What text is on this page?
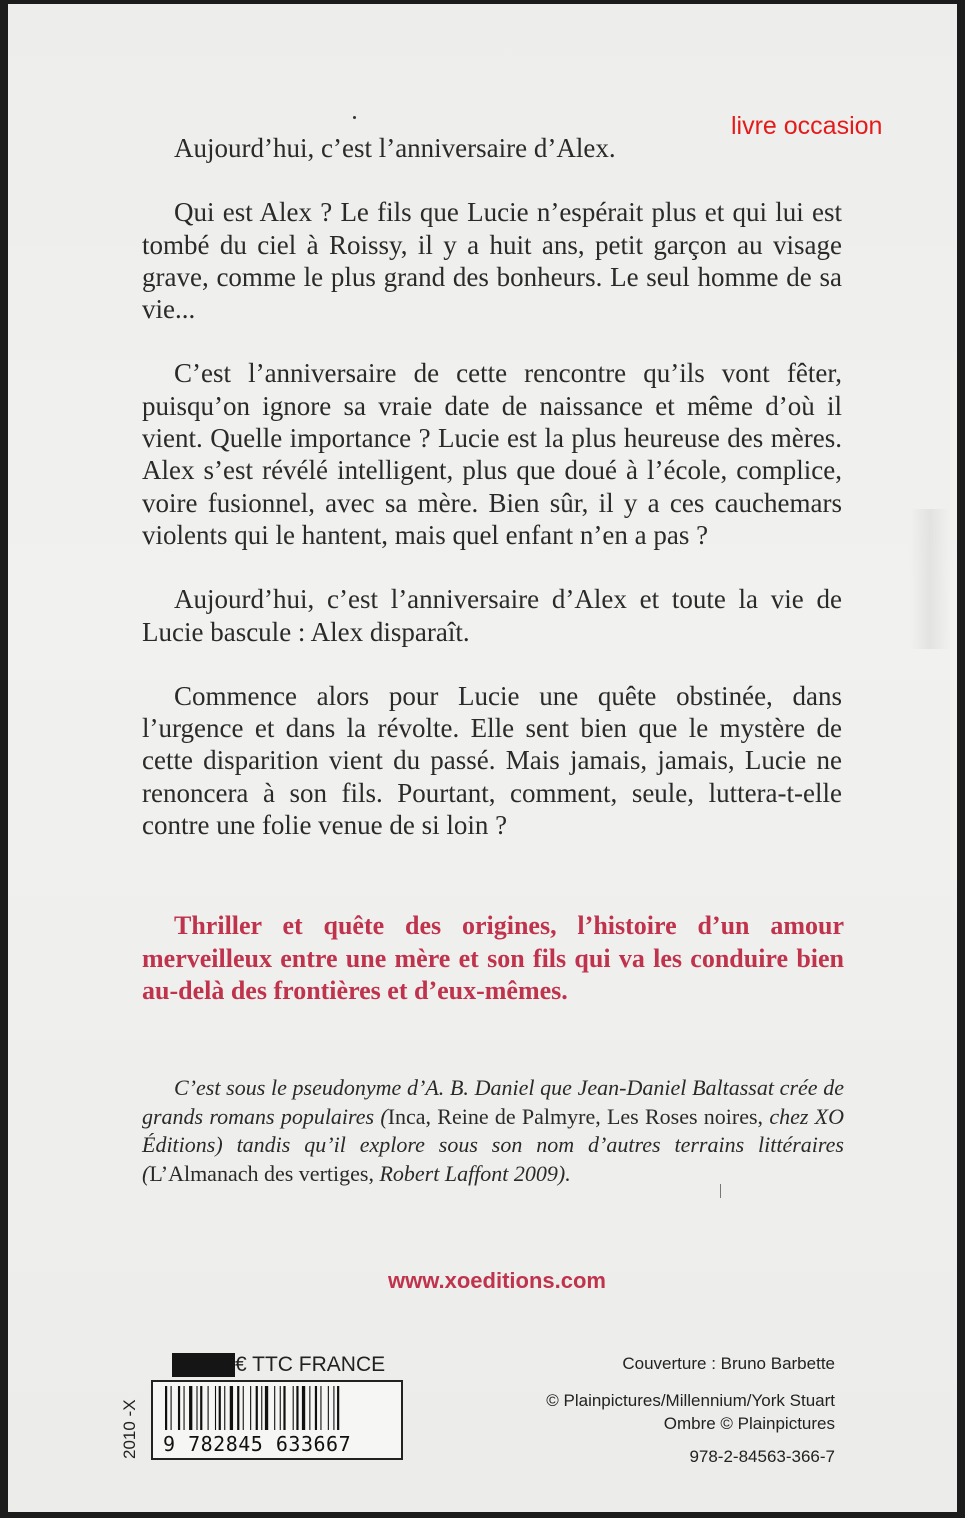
livre occasion

Aujourd’hui, c’est l’anniversaire d’Alex.

Qui est Alex ? Le fils que Lucie n’espérait plus et qui lui est tombé du ciel à Roissy, il y a huit ans, petit garçon au visage grave, comme le plus grand des bonheurs. Le seul homme de sa vie...

C’est l’anniversaire de cette rencontre qu’ils vont fêter, puisqu’on ignore sa vraie date de naissance et même d’où il vient. Quelle importance ? Lucie est la plus heureuse des mères. Alex s’est révélé intelligent, plus que doué à l’école, complice, voire fusionnel, avec sa mère. Bien sûr, il y a ces cauchemars violents qui le hantent, mais quel enfant n’en a pas ?

Aujourd’hui, c’est l’anniversaire d’Alex et toute la vie de Lucie bascule : Alex disparaît.

Commence alors pour Lucie une quête obstinée, dans l’urgence et dans la révolte. Elle sent bien que le mystère de cette disparition vient du passé. Mais jamais, jamais, Lucie ne renoncera à son fils. Pourtant, comment, seule, luttera-t-elle contre une folie venue de si loin ?

Thriller et quête des origines, l’histoire d’un amour merveilleux entre une mère et son fils qui va les conduire bien au-delà des frontières et d’eux-mêmes.
C’est sous le pseudonyme d’A. B. Daniel que Jean-Daniel Baltassat crée de grands romans populaires (Inca, Reine de Palmyre, Les Roses noires, chez XO Éditions) tandis qu’il explore sous son nom d’autres terrains littéraires (L’Almanach des vertiges, Robert Laffont 2009).
www.xoeditions.com
€ TTC FRANCE
9 782845 633667
2010 -X
Couverture : Bruno Barbette
© Plainpictures/Millennium/York Stuart
Ombre © Plainpictures
978-2-84563-366-7
